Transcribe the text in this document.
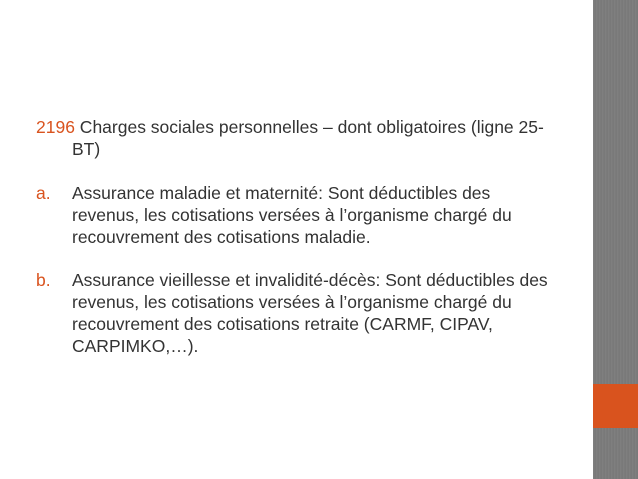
2196 Charges sociales personnelles – dont obligatoires (ligne 25-BT)

a. Assurance maladie et maternité: Sont déductibles des revenus, les cotisations versées à l’organisme chargé du recouvrement des cotisations maladie.

b. Assurance vieillesse et invalidité-décès: Sont déductibles des revenus, les cotisations versées à l’organisme chargé du recouvrement des cotisations retraite (CARMF, CIPAV, CARPIMKO,…).
